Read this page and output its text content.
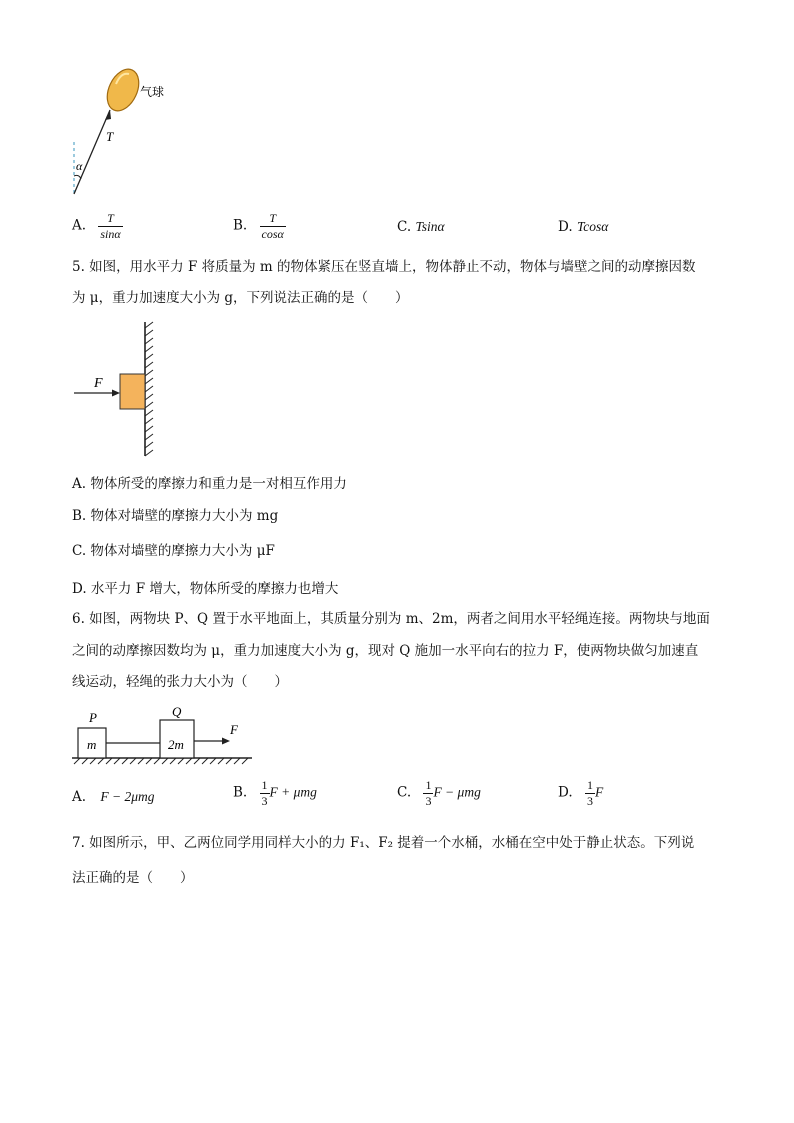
气球
T
α
A. $\frac{T}{\sin\alpha}$	B. $\frac{T}{\cos\alpha}$	C. Tsinα	D. Tcosα
5. 如图，用水平力 F 将质量为 m 的物体紧压在竖直墙上，物体静止不动，物体与墙壁之间的动摩擦因数
为 μ，重力加速度大小为 g，下列说法正确的是（　　）
F
A. 物体所受的摩擦力和重力是一对相互作用力
B. 物体对墙壁的摩擦力大小为 mg
C. 物体对墙壁的摩擦力大小为 μF
D. 水平力 F 增大，物体所受的摩擦力也增大
6. 如图，两物块 P、Q 置于水平地面上，其质量分别为 m、2m，两者之间用水平轻绳连接。两物块与地面
之间的动摩擦因数均为 μ，重力加速度大小为 g，现对 Q 施加一水平向右的拉力 F，使两物块做匀加速直
线运动，轻绳的张力大小为（　　）
P	Q
m	2m
F
A. F − 2μmg	B. $\frac{1}{3}$ F + μmg	C. $\frac{1}{3}$ F − μmg	D. $\frac{1}{3}$ F
7. 如图所示，甲、乙两位同学用同样大小的力 F₁、F₂ 提着一个水桶，水桶在空中处于静止状态。下列说
法正确的是（　　）
